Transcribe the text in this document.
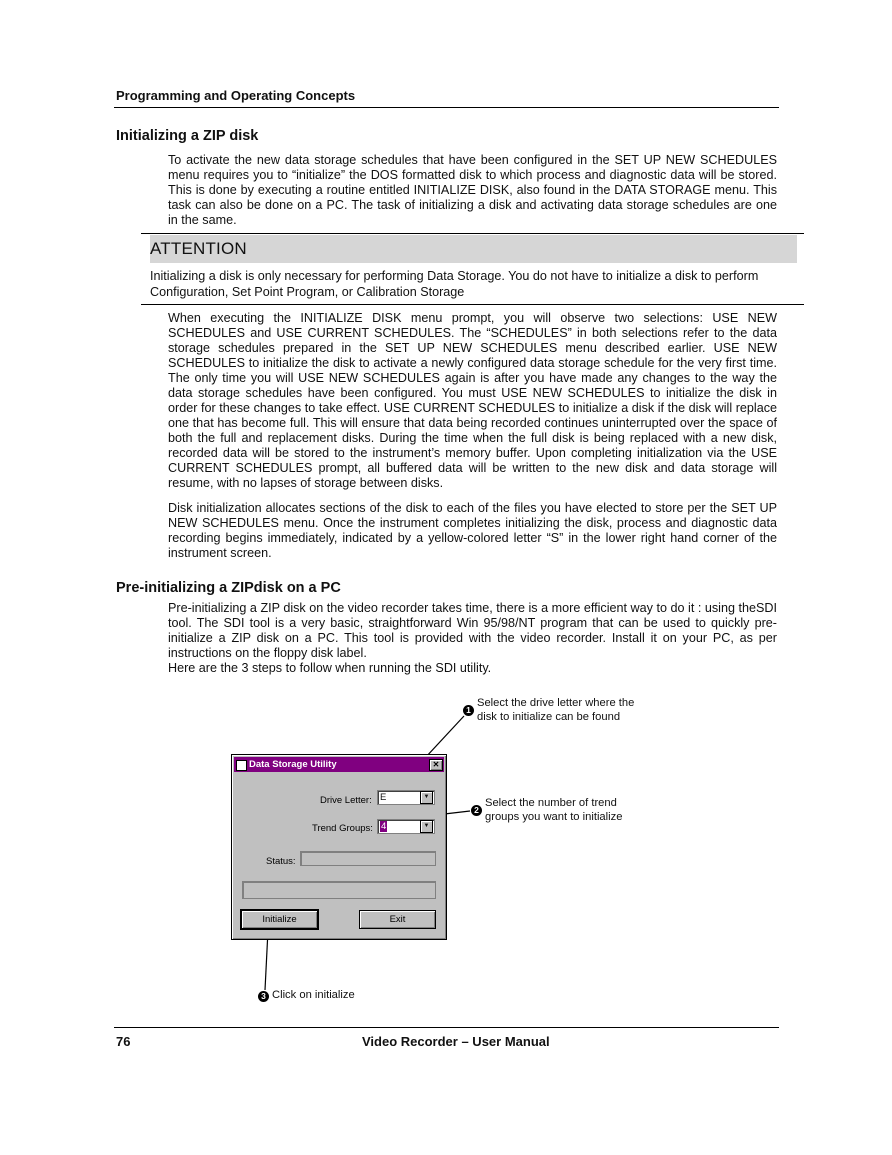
Programming and Operating Concepts
Initializing a ZIP disk
To activate the new data storage schedules that have been configured in the SET UP NEW SCHEDULES menu requires you to “initialize” the DOS formatted disk to which process and diagnostic data will be stored. This is done by executing a routine entitled INITIALIZE DISK, also found in the DATA STORAGE menu. This task can also be done on a PC. The task of initializing a disk and activating data storage schedules are one in the same.
ATTENTION
Initializing a disk is only necessary for performing Data Storage. You do not have to initialize a disk to perform Configuration, Set Point Program, or Calibration Storage
When executing the INITIALIZE DISK menu prompt, you will observe two selections: USE NEW SCHEDULES and USE CURRENT SCHEDULES. The “SCHEDULES” in both selections refer to the data storage schedules prepared in the SET UP NEW SCHEDULES menu described earlier. USE NEW SCHEDULES to initialize the disk to activate a newly configured data storage schedule for the very first time. The only time you will USE NEW SCHEDULES again is after you have made any changes to the way the data storage schedules have been configured. You must USE NEW SCHEDULES to initialize the disk in order for these changes to take effect. USE CURRENT SCHEDULES to initialize a disk if the disk will replace one that has become full. This will ensure that data being recorded continues uninterrupted over the space of both the full and replacement disks. During the time when the full disk is being replaced with a new disk, recorded data will be stored to the instrument’s memory buffer. Upon completing initialization via the USE CURRENT SCHEDULES prompt, all buffered data will be written to the new disk and data storage will resume, with no lapses of storage between disks.
Disk initialization allocates sections of the disk to each of the files you have elected to store per the SET UP NEW SCHEDULES menu. Once the instrument completes initializing the disk, process and diagnostic data recording begins immediately, indicated by a yellow-colored letter “S” in the lower right hand corner of the instrument screen.
Pre-initializing a ZIPdisk on a PC
Pre-initializing a ZIP disk on the video recorder takes time, there is a more efficient way to do it : using theSDI tool. The SDI tool is a very basic, straightforward Win 95/98/NT program that can be used to quickly pre-initialize a ZIP disk on a PC. This tool is provided with the video recorder. Install it on your PC, as per instructions on the floppy disk label.
Here are the 3 steps to follow when running the SDI utility.
1
Select the drive letter where the
disk to initialize can be found
2
Select the number of trend
groups you want to initialize
3 Click on initialize
Data Storage Utility	✕
Drive Letter: E	▼
Trend Groups: 4	▼
Status:
Initialize	Exit
76	Video Recorder – User Manual
